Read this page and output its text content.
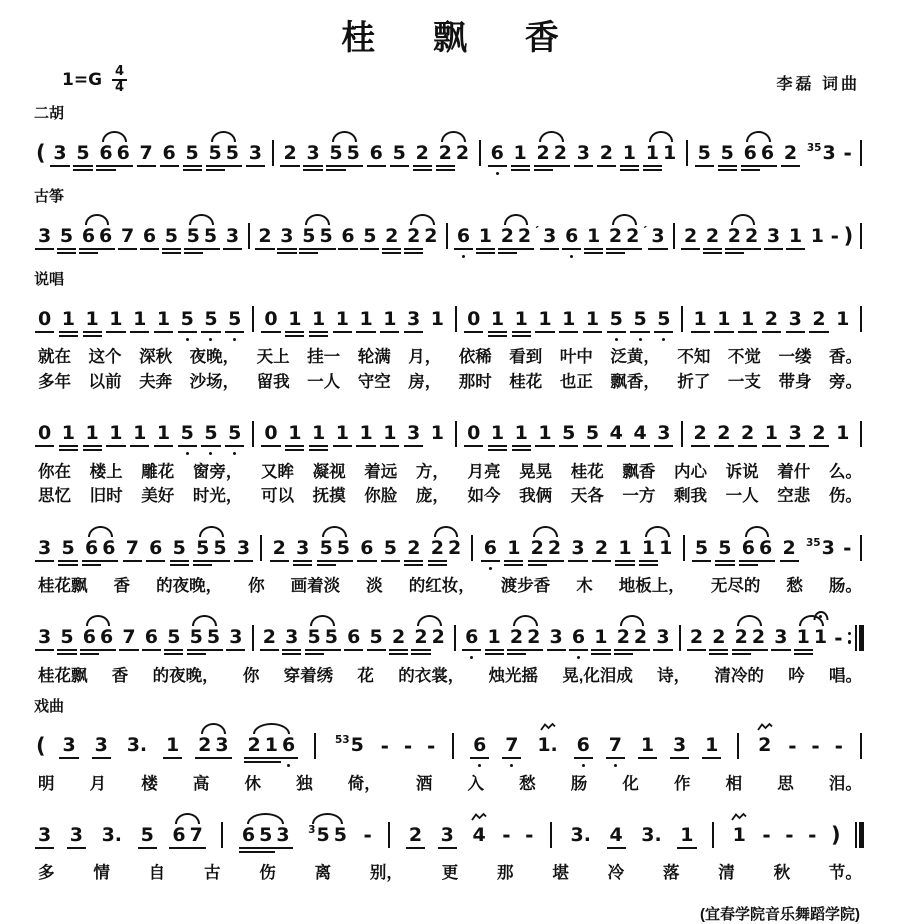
桂飘香
$1=G \frac{4}{4}$	李磊 词曲
二胡
( 3 5 6 6 7 6 5 5 5 3 2 3 5 5 6 5 2 2 2 6 1 2 2 3 2 1 1 1 5 5 6 6 2 $^{35}$3 -
古筝
3 5 6 6 7 6 5 5 5 3 2 3 5 5 6 5 2 2 2 6 1 2 2 ˊ 3 6 1 2 2 ˊ 3 2 2 2 2 3 1 1 - )
说唱
0 1 1 1 1 1 5 5 5 0 1 1 1 1 1 3 1 0 1 1 1 1 1 5 5 5 1 1 1 2 3 2 1
就在 这个 深秋 夜晚， 天上 挂一 轮满 月， 依稀 看到 叶中 泛黄， 不知 不觉 一缕 香。
多年 以前 夫奔 沙场， 留我 一人 守空 房， 那时 桂花 也正 飘香， 折了 一支 带身 旁。
0 1 1 1 1 1 5 5 5 0 1 1 1 1 1 3 1 0 1 1 1 5 5 4 4 3 2 2 2 1 3 2 1
你在 楼上 雕花 窗旁， 又眸 凝视 着远 方， 月亮 晃晃 桂花 飘香 内心 诉说 着什 么。
思忆 旧时 美好 时光， 可以 抚摸 你脸 庞， 如今 我俩 天各 一方 剩我 一人 空悲 伤。
3 5 6 6 7 6 5 5 5 3 2 3 5 5 6 5 2 2 2 6 1 2 2 3 2 1 1 1 5 5 6 6 2 $^{35}$3 -
桂花飘 香 的夜晚， 你 画着淡 淡 的红妆， 渡步香 木 地板上， 无尽的 愁 肠。
3 5 6 6 7 6 5 5 5 3 2 3 5 5 6 5 2 2 2 6 1 2 2 3 6 1 2 2 3 2 2 2 2 3 1 1 -
桂花飘 香 的夜晚， 你 穿着绣 花 的衣裳， 烛光摇 晃,化泪成 诗， 清冷的 吟 唱。
戏曲
( 3 3 3. 1 2 3 2 1 6	$^{53}$5 - - - 6 7 1. 6 7 1 3 1 2 - - -
明 月 楼 高 休 独 倚， 酒 入 愁 肠 化 作 相 思 泪。
3 3 3. 5 6 7 6 5 3 $^3$5 5 - 2 3 4 - - 3. 4 3. 1 1 - - - )
多 情 自 古 伤 离 别， 更 那 堪 冷 落 清 秋 节。
(宜春学院音乐舞蹈学院)
